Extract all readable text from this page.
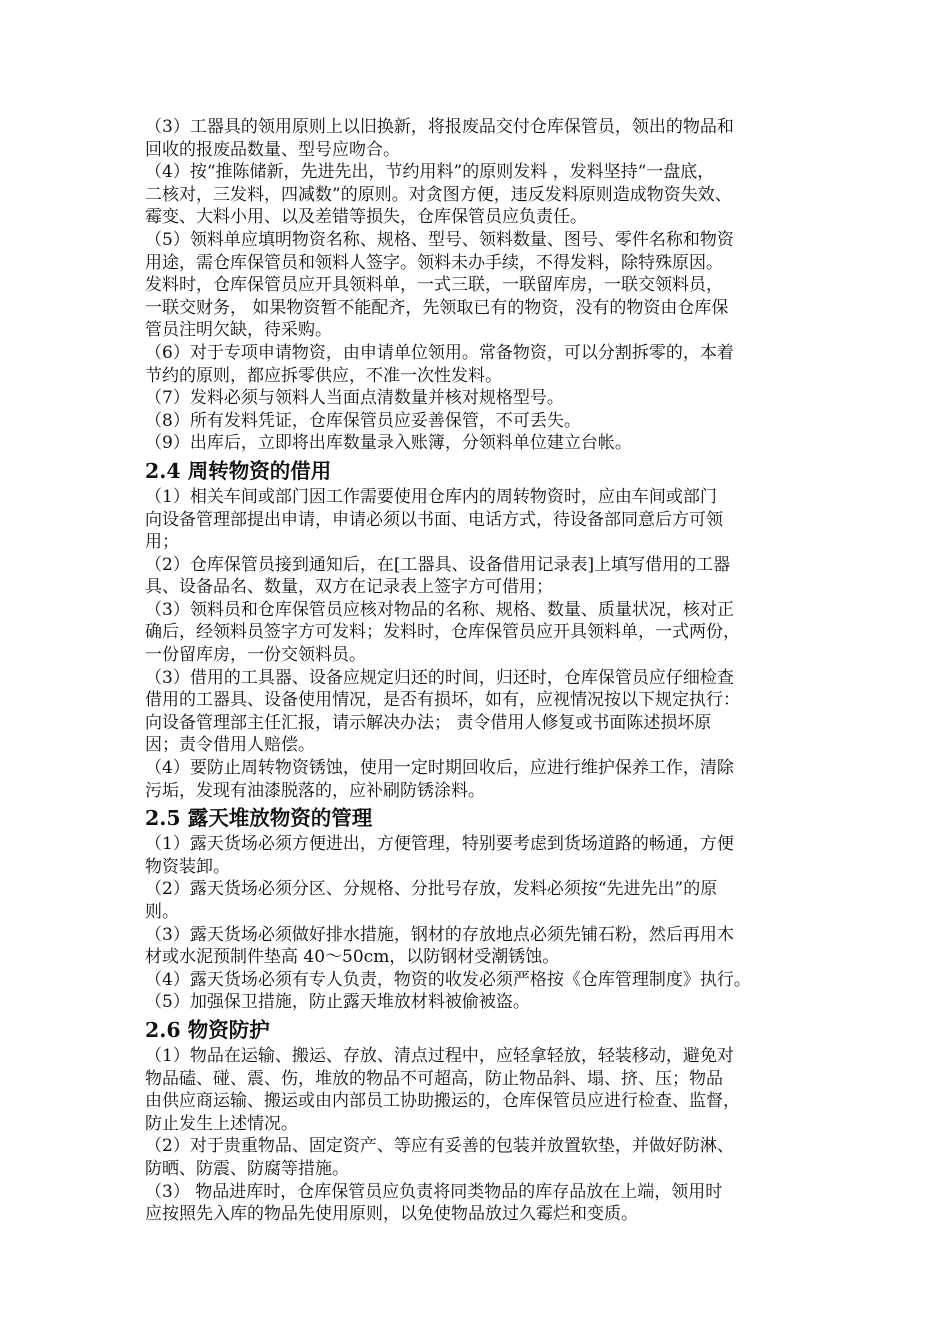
（3）工器具的领用原则上以旧换新，将报废品交付仓库保管员，领出的物品和
回收的报废品数量、型号应吻合。
（4）按“推陈储新，先进先出，节约用料”的原则发料 ，发料坚持“一盘底，
二核对，三发料，四减数”的原则。对贪图方便，违反发料原则造成物资失效、
霉变、大料小用、以及差错等损失，仓库保管员应负责任。
（5）领料单应填明物资名称、规格、型号、领料数量、图号、零件名称和物资
用途，需仓库保管员和领料人签字。领料未办手续，不得发料，除特殊原因。
发料时，仓库保管员应开具领料单，一式三联，一联留库房，一联交领料员，
一联交财务， 如果物资暂不能配齐，先领取已有的物资，没有的物资由仓库保
管员注明欠缺，待采购。
（6）对于专项申请物资，由申请单位领用。常备物资，可以分割拆零的，本着
节约的原则，都应拆零供应，不准一次性发料。
（7）发料必须与领料人当面点清数量并核对规格型号。
（8）所有发料凭证，仓库保管员应妥善保管，不可丢失。
（9）出库后，立即将出库数量录入账簿，分领料单位建立台帐。
2.4 周转物资的借用
（1）相关车间或部门因工作需要使用仓库内的周转物资时，应由车间或部门
向设备管理部提出申请，申请必须以书面、电话方式，待设备部同意后方可领
用；
（2）仓库保管员接到通知后，在[工器具、设备借用记录表]上填写借用的工器
具、设备品名、数量，双方在记录表上签字方可借用；
（3）领料员和仓库保管员应核对物品的名称、规格、数量、质量状况，核对正
确后，经领料员签字方可发料；发料时，仓库保管员应开具领料单，一式两份，
一份留库房，一份交领料员。
（3）借用的工具器、设备应规定归还的时间，归还时，仓库保管员应仔细检查
借用的工器具、设备使用情况，是否有损坏，如有，应视情况按以下规定执行：
向设备管理部主任汇报，请示解决办法； 责令借用人修复或书面陈述损坏原
因；责令借用人赔偿。
（4）要防止周转物资锈蚀，使用一定时期回收后，应进行维护保养工作，清除
污垢，发现有油漆脱落的，应补刷防锈涂料。
2.5 露天堆放物资的管理
（1）露天货场必须方便进出，方便管理，特别要考虑到货场道路的畅通，方便
物资装卸。
（2）露天货场必须分区、分规格、分批号存放，发料必须按“先进先出”的原
则。
（3）露天货场必须做好排水措施，钢材的存放地点必须先铺石粉，然后再用木
材或水泥预制件垫高 40～50cm，以防钢材受潮锈蚀。
（4）露天货场必须有专人负责，物资的收发必须严格按《仓库管理制度》执行。
（5）加强保卫措施，防止露天堆放材料被偷被盗。
2.6 物资防护
（1）物品在运输、搬运、存放、清点过程中，应轻拿轻放，轻装移动，避免对
物品磕、碰、震、伤，堆放的物品不可超高，防止物品斜、塌、挤、压；物品
由供应商运输、搬运或由内部员工协助搬运的，仓库保管员应进行检查、监督，
防止发生上述情况。
（2）对于贵重物品、固定资产、等应有妥善的包装并放置软垫，并做好防淋、
防晒、防震、防腐等措施。
（3） 物品进库时，仓库保管员应负责将同类物品的库存品放在上端，领用时
应按照先入库的物品先使用原则，以免使物品放过久霉烂和变质。
